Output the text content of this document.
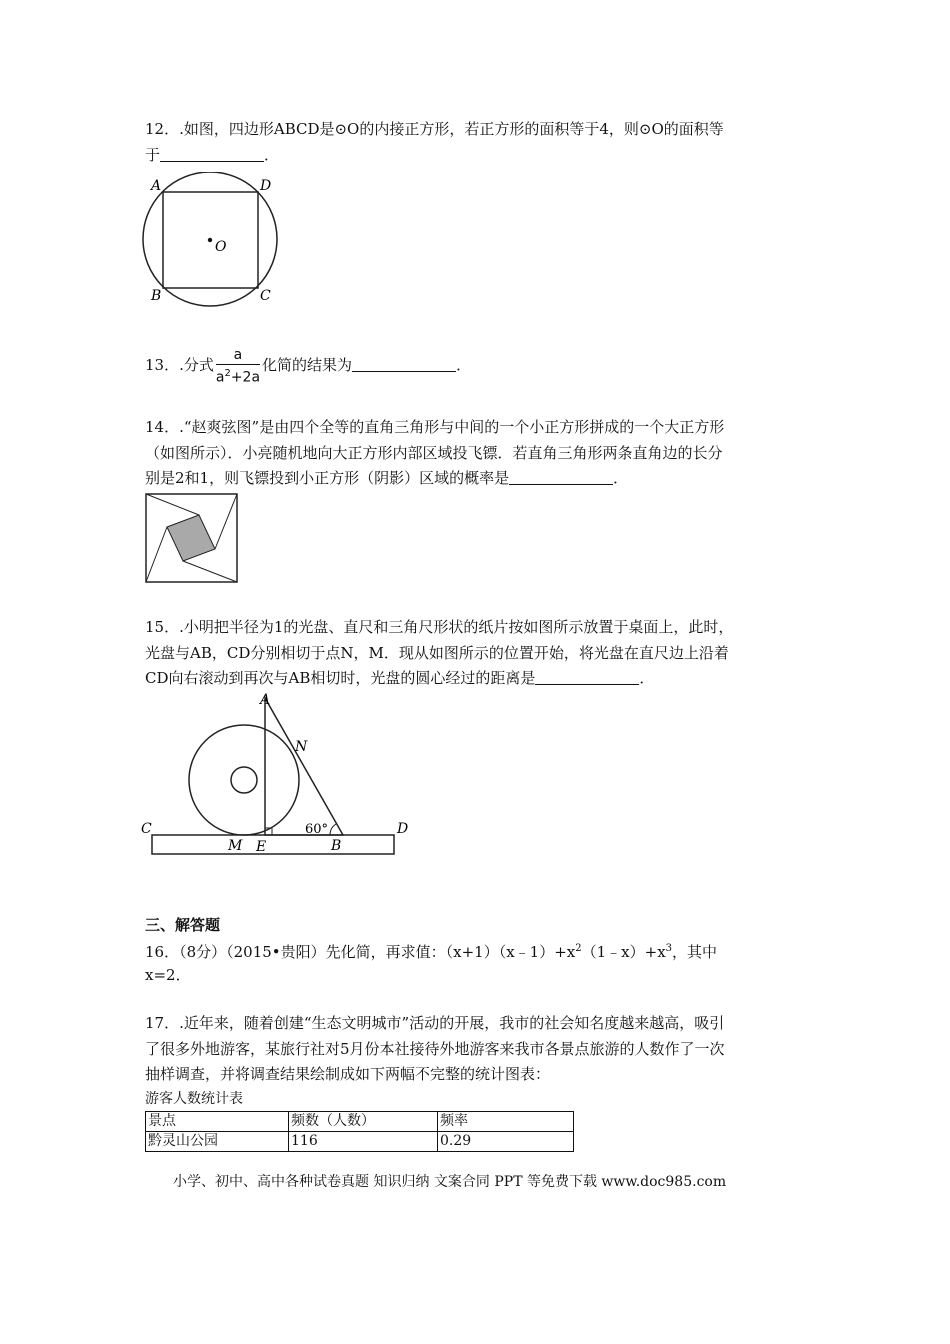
12．.如图，四边形ABCD是⊙O的内接正方形，若正方形的面积等于4，则⊙O的面积等
于	．
A	D
B	C
O
13．.分式 $\frac{a}{a^2+2a}$ 化简的结果为	．
14．.“赵爽弦图”是由四个全等的直角三角形与中间的一个小正方形拼成的一个大正方形
（如图所示）．小亮随机地向大正方形内部区域投飞镖．若直角三角形两条直角边的长分
别是2和1，则飞镖投到小正方形（阴影）区域的概率是	．
15．.小明把半径为1的光盘、直尺和三角尺形状的纸片按如图所示放置于桌面上，此时，
光盘与AB，CD分别相切于点N，M．现从如图所示的位置开始，将光盘在直尺边上沿着
CD向右滚动到再次与AB相切时，光盘的圆心经过的距离是	．
A
N
C	D
60°
M E	B
三、解答题
16．（8分）（2015•贵阳）先化简，再求值：$(x+1)(x﹣1)+x^2(1﹣x)+x^3$，其中
x=2．
17．.近年来，随着创建“生态文明城市”活动的开展，我市的社会知名度越来越高，吸引
了很多外地游客，某旅行社对5月份本社接待外地游客来我市各景点旅游的人数作了一次
抽样调查，并将调查结果绘制成如下两幅不完整的统计图表：
游客人数统计表
景点	频数（人数）	频率
黔灵山公园	116	0.29
小学、初中、高中各种试卷真题 知识归纳 文案合同 PPT 等免费下载 www.doc985.com
